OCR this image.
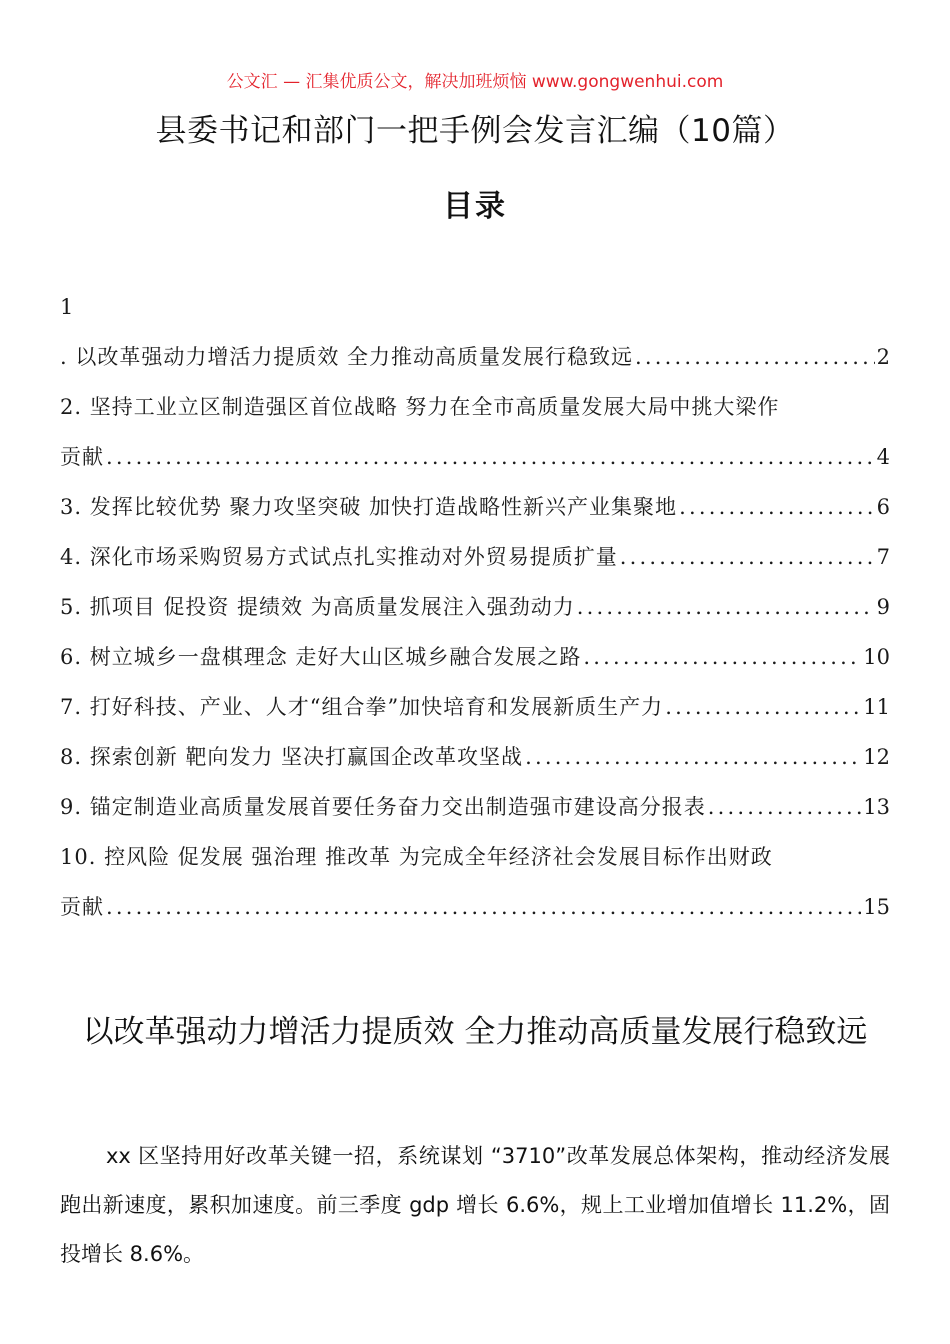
公文汇 — 汇集优质公文，解决加班烦恼 www.gongwenhui.com
县委书记和部门一把手例会发言汇编（10篇）
目录
1
. 以改革强动力增活力提质效 全力推动高质量发展行稳致远 .....	2
2. 坚持工业立区制造强区首位战略 努力在全市高质量发展大局中挑大梁作
贡献 .....	4
3. 发挥比较优势 聚力攻坚突破 加快打造战略性新兴产业集聚地 .....	6
4. 深化市场采购贸易方式试点扎实推动对外贸易提质扩量 .....	7
5. 抓项目 促投资 提绩效 为高质量发展注入强劲动力 .....	9
6. 树立城乡一盘棋理念 走好大山区城乡融合发展之路 .....	10
7. 打好科技、产业、人才“组合拳”加快培育和发展新质生产力 .....	11
8. 探索创新 靶向发力 坚决打赢国企改革攻坚战 .....	12
9. 锚定制造业高质量发展首要任务奋力交出制造强市建设高分报表 .....	13
10. 控风险 促发展 强治理 推改革 为完成全年经济社会发展目标作出财政
贡献 .....	15
以改革强动力增活力提质效 全力推动高质量发展行稳致远
xx 区坚持用好改革关键一招，系统谋划 “3710”改革发展总体架构，推动经济发展跑出新速度，累积加速度。前三季度 gdp 增长 6.6%，规上工业增加值增长 11.2%，固投增长 8.6%。
